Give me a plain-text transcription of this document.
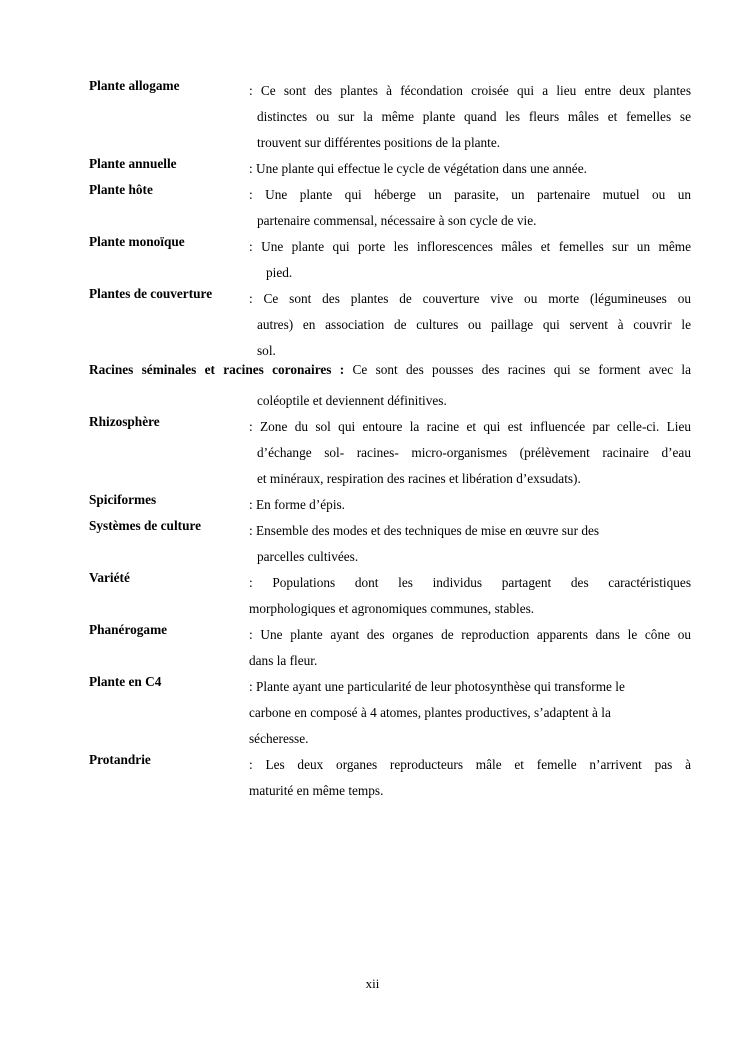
Plante allogame	: Ce sont des plantes à fécondation croisée qui a lieu entre deux plantes
distinctes ou sur la même plante quand les fleurs mâles et femelles se
trouvent sur différentes positions de la plante.
Plante annuelle	: Une plante qui effectue le cycle de végétation dans une année.
Plante hôte	: Une plante qui héberge un parasite, un partenaire mutuel ou un
partenaire commensal, nécessaire à son cycle de vie.
Plante monoïque	: Une plante qui porte les inflorescences mâles et femelles sur un même
pied.
Plantes de couverture	: Ce sont des plantes de couverture vive ou morte (légumineuses ou
autres) en association de cultures ou paillage qui servent à couvrir le
sol.
Racines séminales et racines coronaires : Ce sont des pousses des racines qui se forment avec la
coléoptile et deviennent définitives.
Rhizosphère	: Zone du sol qui entoure la racine et qui est influencée par celle-ci. Lieu
d’échange sol- racines- micro-organismes (prélèvement racinaire d’eau
et minéraux, respiration des racines et libération d’exsudats).
Spiciformes	: En forme d’épis.
Systèmes de culture	: Ensemble des modes et des techniques de mise en œuvre sur des
parcelles cultivées.
Variété	: Populations dont les individus partagent des caractéristiques
morphologiques et agronomiques communes, stables.
Phanérogame	: Une plante ayant des organes de reproduction apparents dans le cône ou
dans la fleur.
Plante en C4	: Plante ayant une particularité de leur photosynthèse qui transforme le
carbone en composé à 4 atomes, plantes productives, s’adaptent à la
sécheresse.
Protandrie	: Les deux organes reproducteurs mâle et femelle n’arrivent pas à
maturité en même temps.
xii
